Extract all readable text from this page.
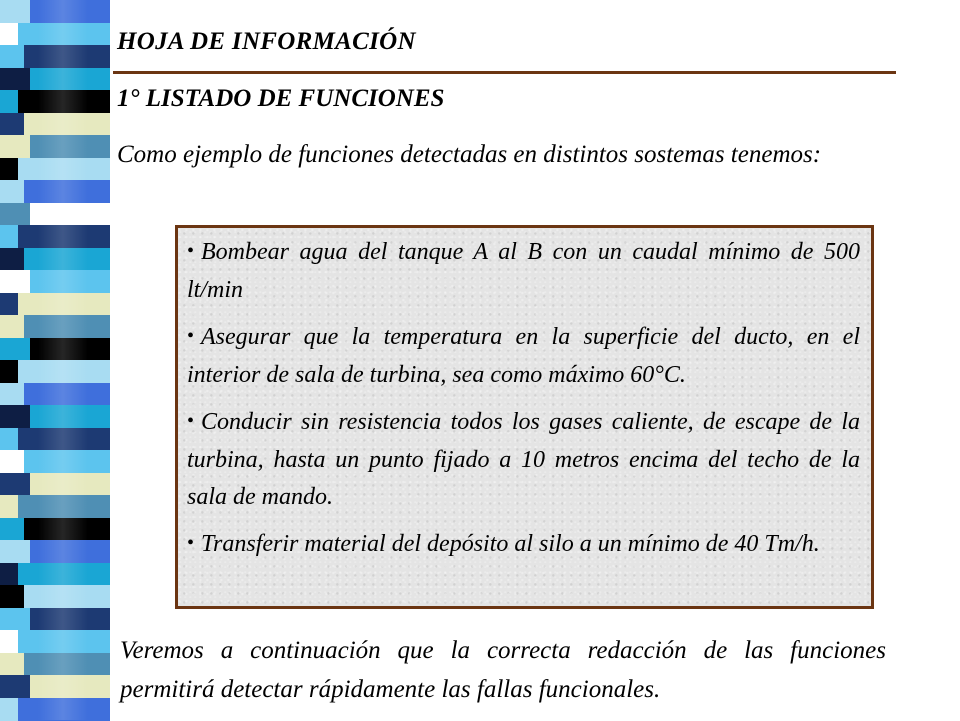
HOJA DE INFORMACIÓN
1° LISTADO DE FUNCIONES

Como ejemplo de funciones detectadas en distintos sostemas tenemos:

• Bombear agua del tanque A al B con un caudal mínimo de 500 lt/min

• Asegurar que la temperatura en la superficie del ducto, en el interior de sala de turbina, sea como máximo 60°C.

• Conducir sin resistencia todos los gases caliente, de escape de la turbina, hasta un punto fijado a 10 metros encima del techo de la sala de mando.

• Transferir material del depósito al silo a un mínimo de 40 Tm/h.

Veremos a continuación que la correcta redacción de las funciones permitirá detectar rápidamente las fallas funcionales.
